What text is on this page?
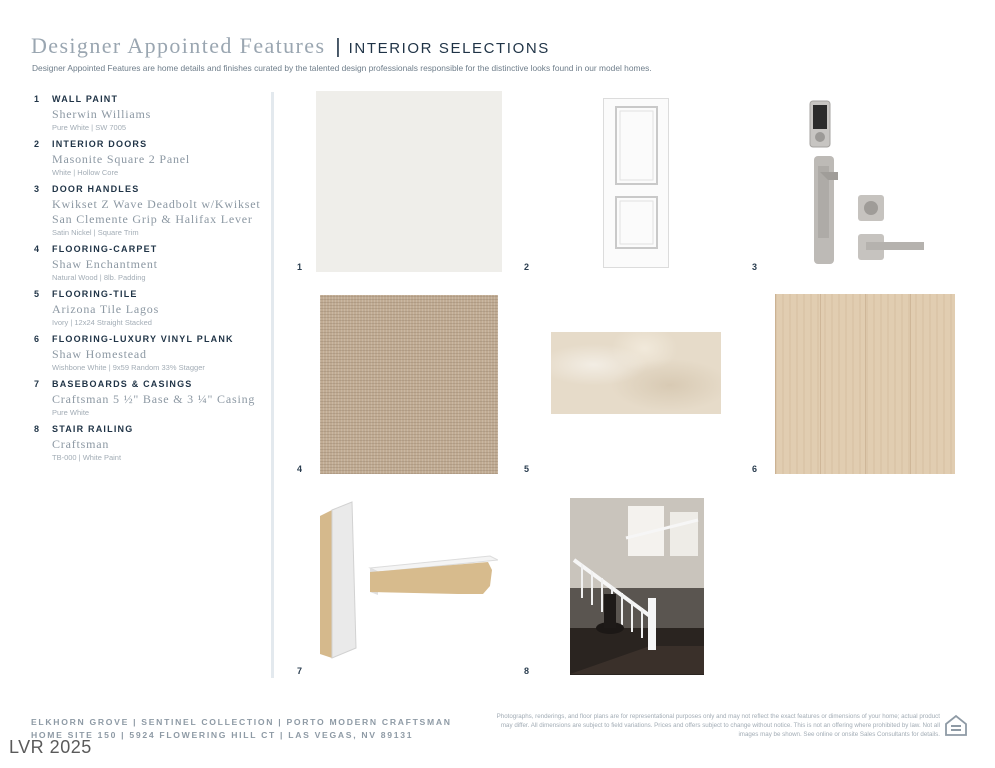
Designer Appointed Features | INTERIOR SELECTIONS
Designer Appointed Features are home details and finishes curated by the talented design professionals responsible for the distinctive looks found in our model homes.
1	WALL PAINT
Sherwin Williams
Pure White | SW 7005
2	INTERIOR DOORS
Masonite Square 2 Panel
White | Hollow Core
3	DOOR HANDLES
Kwikset Z Wave Deadbolt w/Kwikset San Clemente Grip & Halifax Lever
Satin Nickel | Square Trim
4	FLOORING-CARPET
Shaw Enchantment
Natural Wood | 8lb. Padding
5	FLOORING-TILE
Arizona Tile Lagos
Ivory | 12x24 Straight Stacked
6	FLOORING-LUXURY VINYL PLANK
Shaw Homestead
Wishbone White | 9x59 Random 33% Stagger
7	BASEBOARDS & CASINGS
Craftsman 5 ½" Base & 3 ¼" Casing
Pure White
8	STAIR RAILING
Craftsman
TB-000 | White Paint
1	2	3
4	5	6
7	8
ELKHORN GROVE | SENTINEL COLLECTION | PORTO MODERN CRAFTSMAN
HOME SITE 150 | 5924 FLOWERING HILL CT | LAS VEGAS, NV 89131
Photographs, renderings, and floor plans are for representational purposes only and may not reflect the exact features or dimensions of your home; actual product may differ. All dimensions are subject to field variations. Prices and offers subject to change without notice. This is not an offering where prohibited by law. Not all images may be shown. See online or onsite Sales Consultants for details.
LVR 2025
